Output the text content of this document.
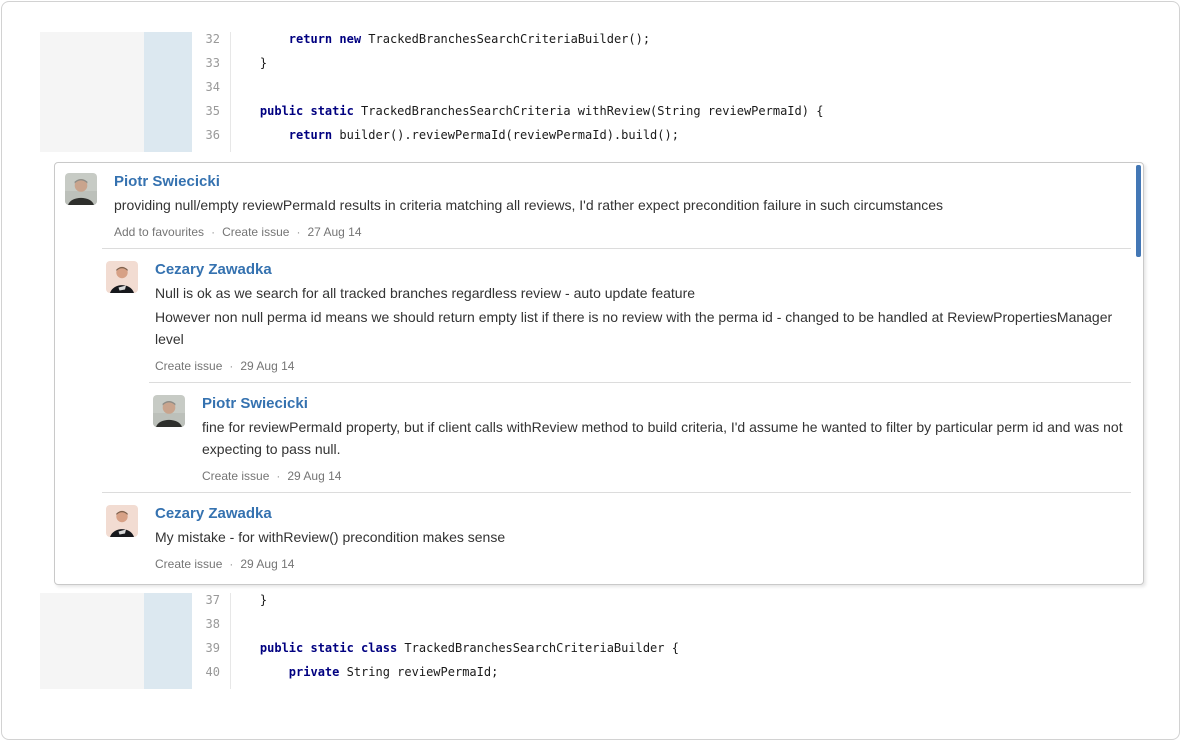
32	return new TrackedBranchesSearchCriteriaBuilder();
33 }
34
35	public static TrackedBranchesSearchCriteria withReview(String reviewPermaId) {
36	return builder().reviewPermaId(reviewPermaId).build();
Piotr Swiecicki

providing null/empty reviewPermaId results in criteria matching all reviews, I'd rather expect precondition failure in such circumstances

Add to favourites · Create issue · 27 Aug 14
Cezary Zawadka

Null is ok as we search for all tracked branches regardless review - auto update feature

However non null perma id means we should return empty list if there is no review with the perma id - changed to be handled at ReviewPropertiesManager level

Create issue · 29 Aug 14
Piotr Swiecicki

fine for reviewPermaId property, but if client calls withReview method to build criteria, I'd assume he wanted to filter by particular perm id and was not expecting to pass null.

Create issue · 29 Aug 14
Cezary Zawadka

My mistake - for withReview() precondition makes sense

Create issue · 29 Aug 14
37 }
38
39	public static class TrackedBranchesSearchCriteriaBuilder {
40	private String reviewPermaId;
